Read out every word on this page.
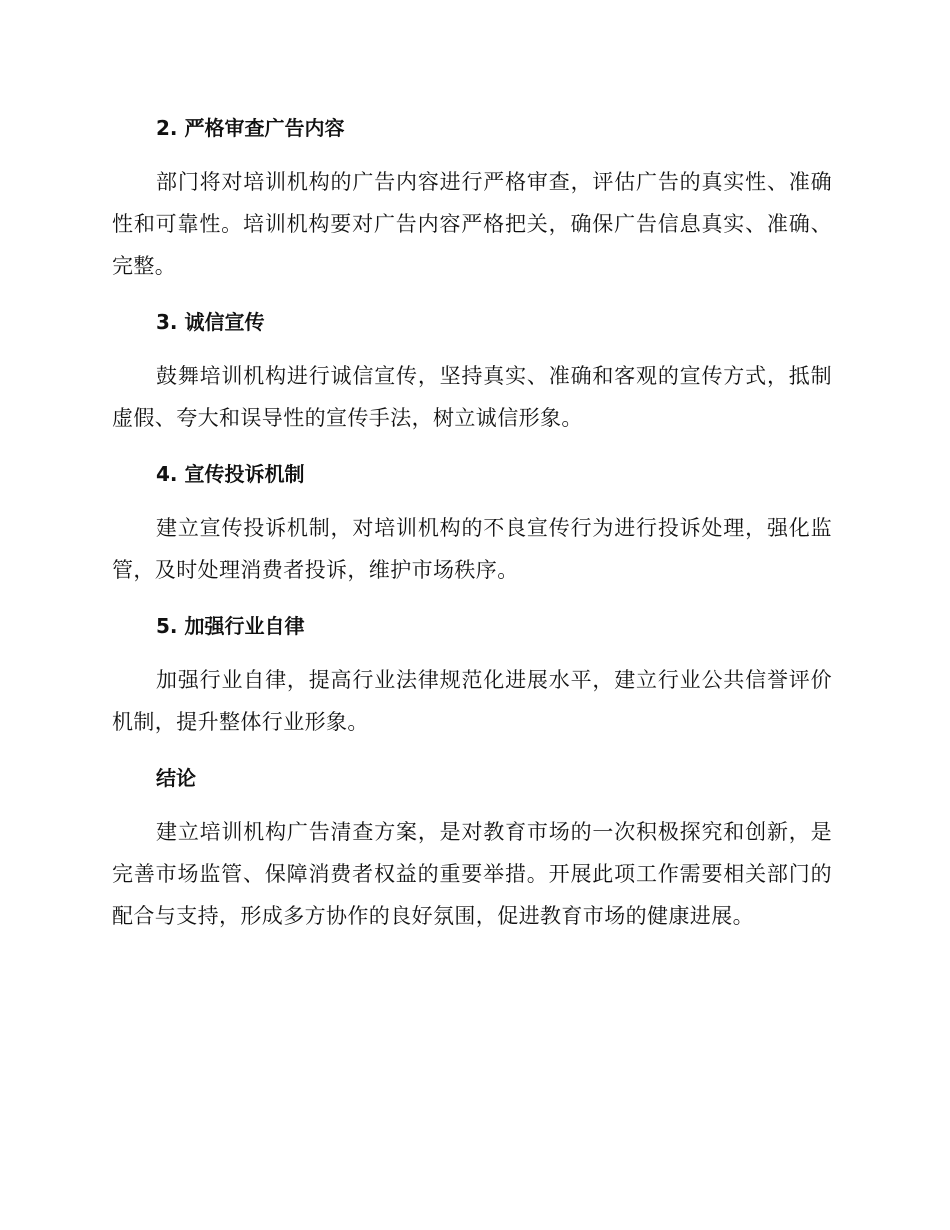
2. 严格审查广告内容

部门将对培训机构的广告内容进行严格审查，评估广告的真实性、准确性和可靠性。培训机构要对广告内容严格把关，确保广告信息真实、准确、完整。

3. 诚信宣传

鼓舞培训机构进行诚信宣传，坚持真实、准确和客观的宣传方式，抵制虚假、夸大和误导性的宣传手法，树立诚信形象。

4. 宣传投诉机制

建立宣传投诉机制，对培训机构的不良宣传行为进行投诉处理，强化监管，及时处理消费者投诉，维护市场秩序。

5. 加强行业自律

加强行业自律，提高行业法律规范化进展水平，建立行业公共信誉评价机制，提升整体行业形象。

结论

建立培训机构广告清查方案，是对教育市场的一次积极探究和创新，是完善市场监管、保障消费者权益的重要举措。开展此项工作需要相关部门的配合与支持，形成多方协作的良好氛围，促进教育市场的健康进展。
